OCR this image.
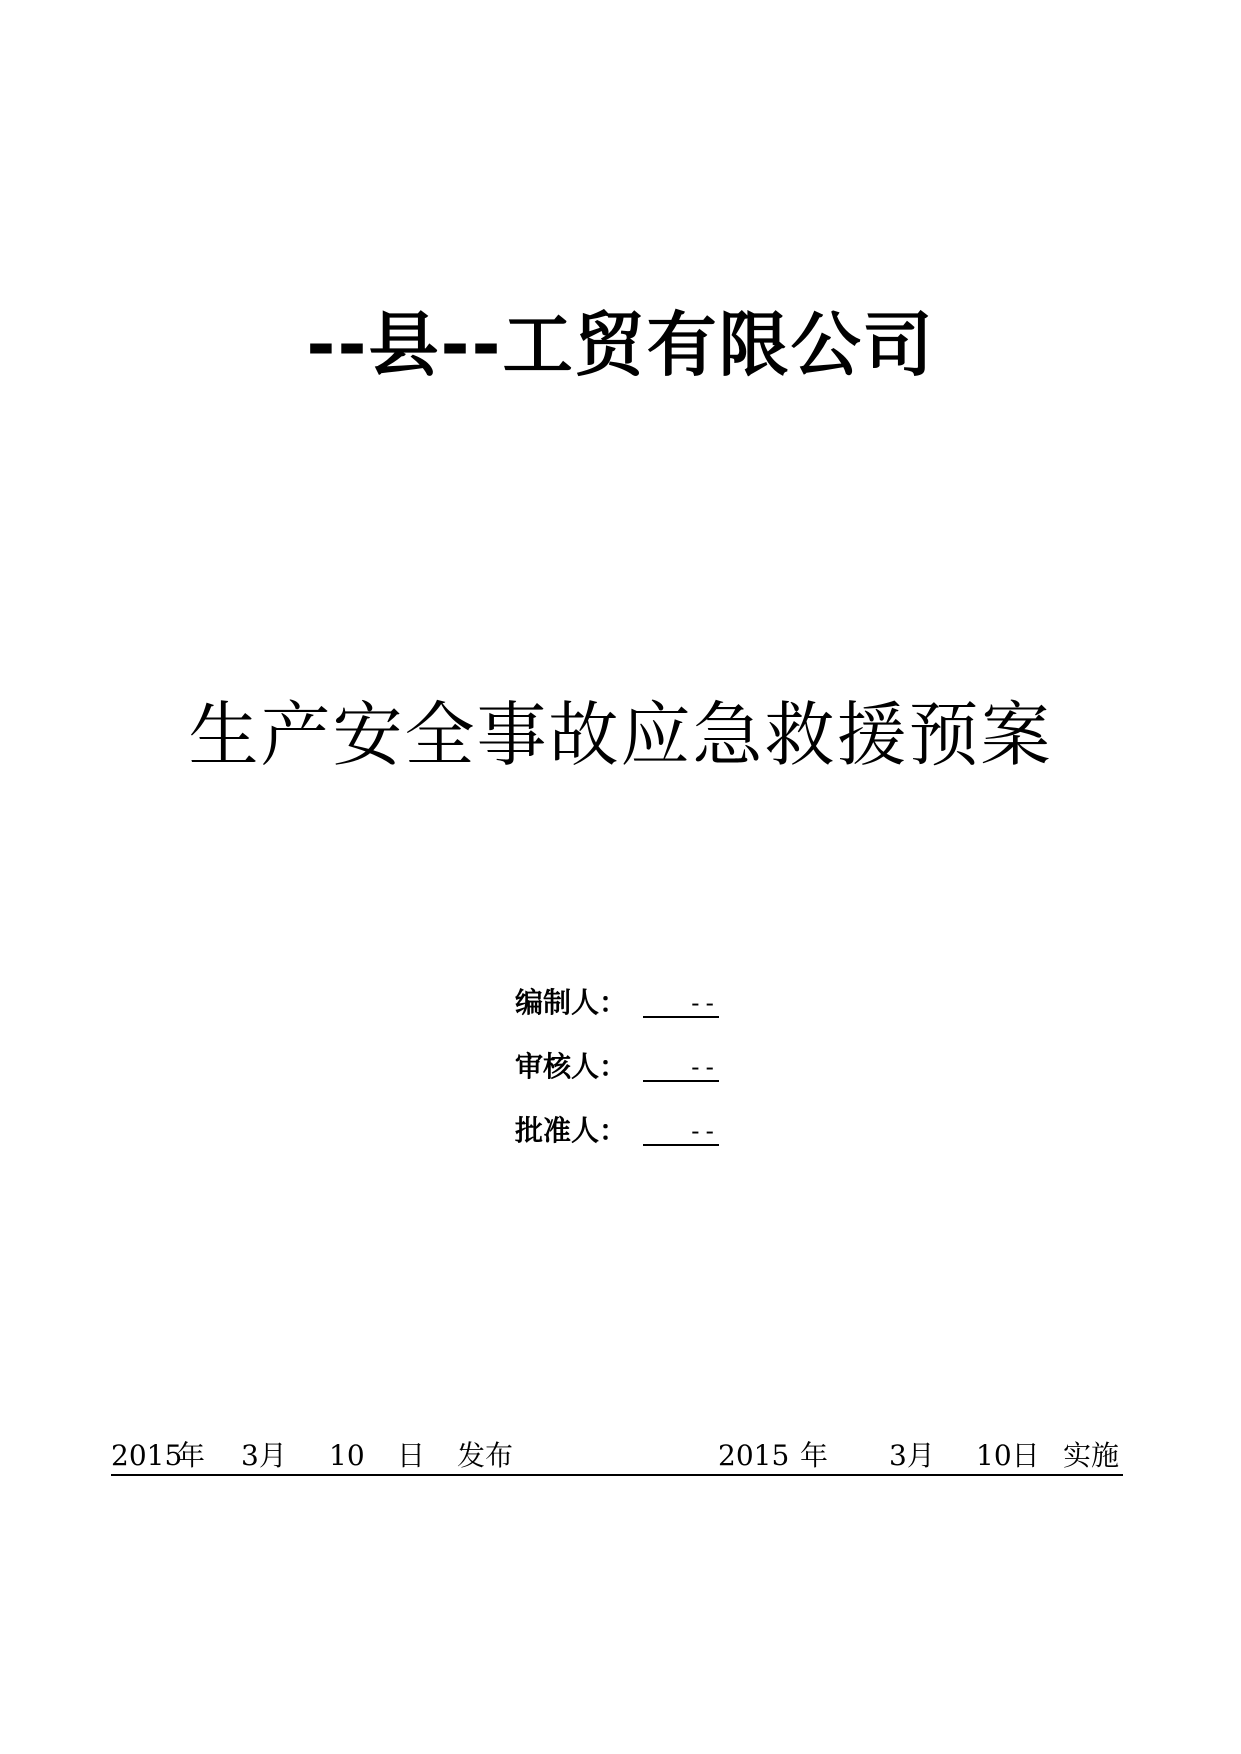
--县--工贸有限公司
生产安全事故应急救援预案
编制人：	--
审核人：	--
批准人：	--
2015
年 3月 10 日 发布	2015 年 3月 10日 实施
